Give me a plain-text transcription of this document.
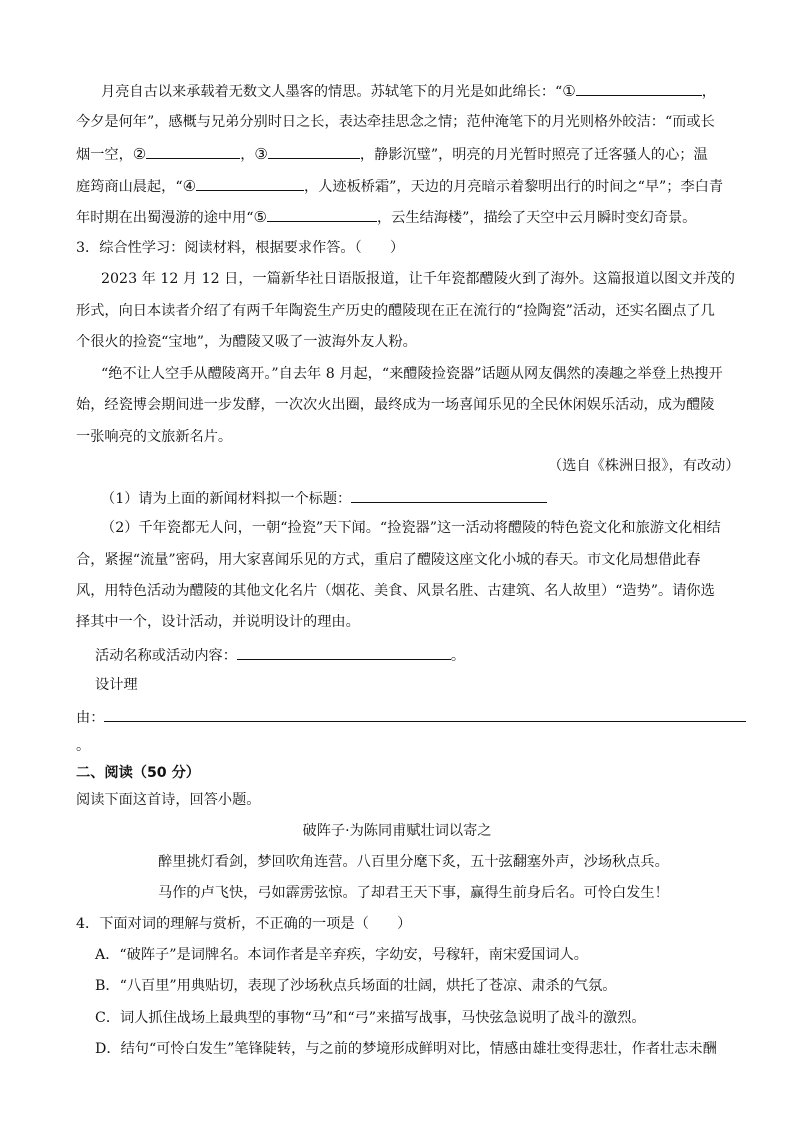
月亮自古以来承载着无数文人墨客的情思。苏轼笔下的月光是如此绵长：“①	，
今夕是何年”，感概与兄弟分别时日之长，表达牵挂思念之情；范仲淹笔下的月光则格外皎洁：“而或长
烟一空，②	，③	，静影沉璧”，明亮的月光暂时照亮了迁客骚人的心；温
庭筠商山晨起，“④	，人迹板桥霜”，天边的月亮暗示着黎明出行的时间之“早”；李白青
年时期在出蜀漫游的途中用“⑤	，云生结海楼”，描绘了天空中云月瞬时变幻奇景。
3．综合性学习：阅读材料，根据要求作答。（　　）
2023 年 12 月 12 日，一篇新华社日语版报道，让千年瓷都醴陵火到了海外。这篇报道以图文并茂的
形式，向日本读者介绍了有两千年陶瓷生产历史的醴陵现在正在流行的“捡陶瓷”活动，还实名圈点了几
个很火的捡瓷“宝地”，为醴陵又吸了一波海外友人粉。
“绝不让人空手从醴陵离开。”自去年 8 月起，“来醴陵捡瓷器”话题从网友偶然的凑趣之举登上热搜开
始，经瓷博会期间进一步发酵，一次次火出圈，最终成为一场喜闻乐见的全民休闲娱乐活动，成为醴陵
一张响亮的文旅新名片。
（选自《株洲日报》，有改动）
（1）请为上面的新闻材料拟一个标题：
（2）千年瓷都无人问，一朝“捡瓷”天下闻。“捡瓷器”这一活动将醴陵的特色瓷文化和旅游文化相结
合，紧握“流量”密码，用大家喜闻乐见的方式，重启了醴陵这座文化小城的春天。市文化局想借此春
风，用特色活动为醴陵的其他文化名片（烟花、美食、风景名胜、古建筑、名人故里）“造势”。请你选
择其中一个，设计活动，并说明设计的理由。
活动名称或活动内容：	。
设计理
由：
。
二、阅读（50 分）
阅读下面这首诗，回答小题。
破阵子·为陈同甫赋壮词以寄之
醉里挑灯看剑，梦回吹角连营。八百里分麾下炙，五十弦翻塞外声，沙场秋点兵。
马作的卢飞快，弓如霹雳弦惊。了却君王天下事，赢得生前身后名。可怜白发生！
4．下面对词的理解与赏析，不正确的一项是（　　）
A．“破阵子”是词牌名。本词作者是辛弃疾，字幼安，号稼轩，南宋爱国词人。
B．“八百里”用典贴切，表现了沙场秋点兵场面的壮阔，烘托了苍凉、肃杀的气氛。
C．词人抓住战场上最典型的事物“马”和“弓”来描写战事，马快弦急说明了战斗的激烈。
D．结句“可怜白发生”笔锋陡转，与之前的梦境形成鲜明对比，情感由雄壮变得悲壮，作者壮志未酬
